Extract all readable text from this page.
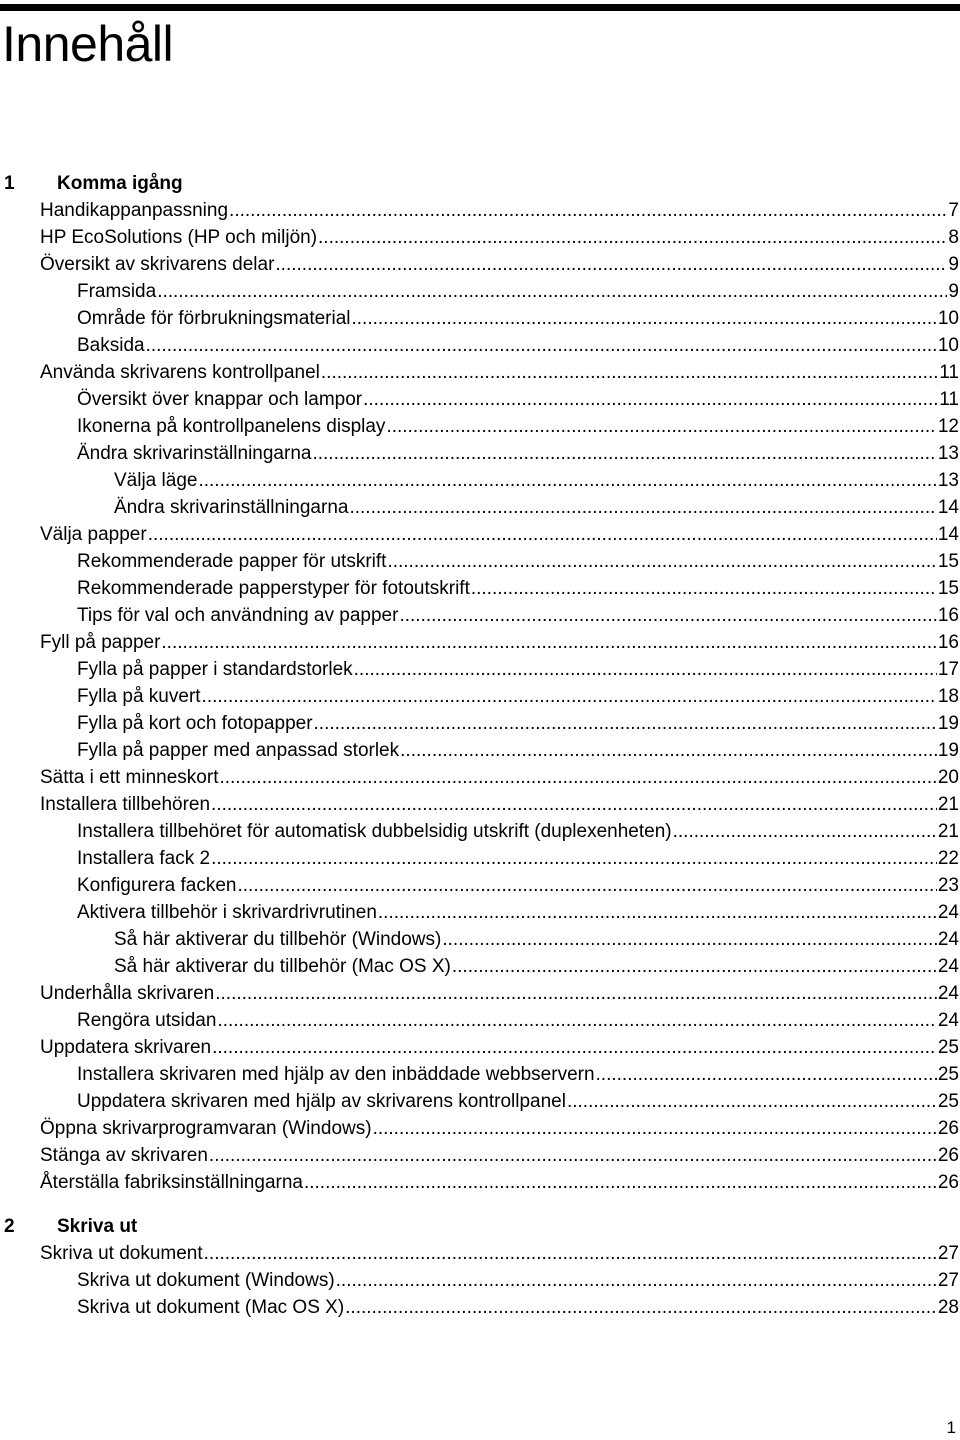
Innehåll
1 Komma igång
Handikappanpassning .....	7
HP EcoSolutions (HP och miljön) .....	8
Översikt av skrivarens delar .....	9
Framsida .....	9
Område för förbrukningsmaterial .....	10
Baksida .....	10
Använda skrivarens kontrollpanel .....	11
Översikt över knappar och lampor .....	11
Ikonerna på kontrollpanelens display .....	12
Ändra skrivarinställningarna .....	13
Välja läge .....	13
Ändra skrivarinställningarna .....	14
Välja papper .....	14
Rekommenderade papper för utskrift .....	15
Rekommenderade papperstyper för fotoutskrift .....	15
Tips för val och användning av papper .....	16
Fyll på papper .....	16
Fylla på papper i standardstorlek .....	17
Fylla på kuvert .....	18
Fylla på kort och fotopapper .....	19
Fylla på papper med anpassad storlek .....	19
Sätta i ett minneskort .....	20
Installera tillbehören .....	21
Installera tillbehöret för automatisk dubbelsidig utskrift (duplexenheten) .....	21
Installera fack 2 .....	22
Konfigurera facken .....	23
Aktivera tillbehör i skrivardrivrutinen .....	24
Så här aktiverar du tillbehör (Windows) .....	24
Så här aktiverar du tillbehör (Mac OS X) .....	24
Underhålla skrivaren .....	24
Rengöra utsidan .....	24
Uppdatera skrivaren .....	25
Installera skrivaren med hjälp av den inbäddade webbservern .....	25
Uppdatera skrivaren med hjälp av skrivarens kontrollpanel .....	25
Öppna skrivarprogramvaran (Windows) .....	26
Stänga av skrivaren .....	26
Återställa fabriksinställningarna .....	26
2 Skriva ut
Skriva ut dokument .....	27
Skriva ut dokument (Windows) .....	27
Skriva ut dokument (Mac OS X) .....	28
1
